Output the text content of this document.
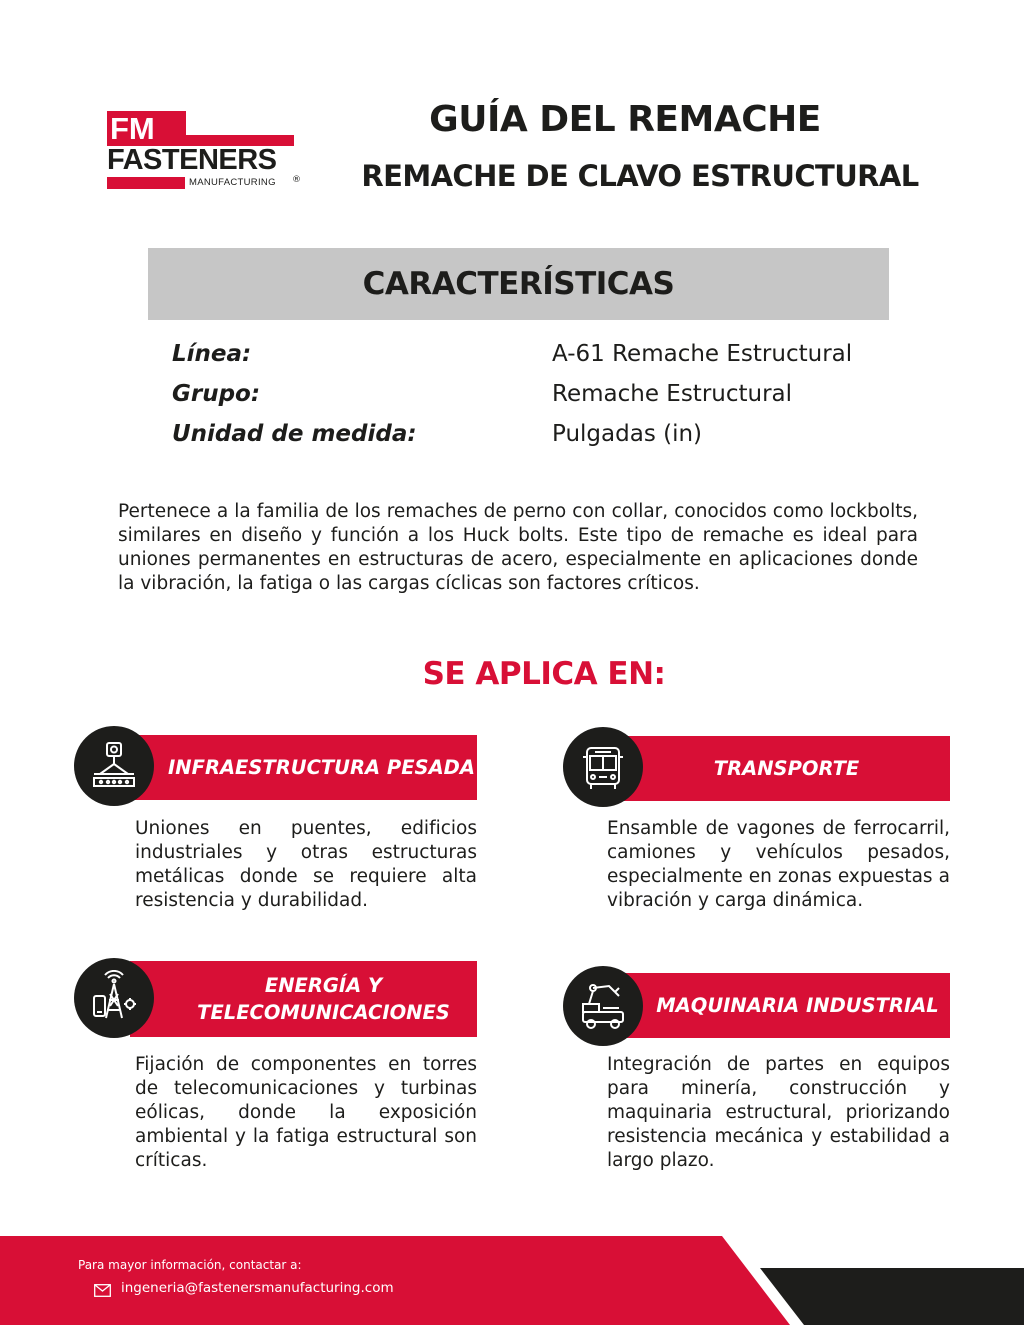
FM
FASTENERS
MANUFACTURING ®
GUÍA DEL REMACHE
REMACHE DE CLAVO ESTRUCTURAL
CARACTERÍSTICAS
Línea:	A-61 Remache Estructural
Grupo:	Remache Estructural
Unidad de medida:	Pulgadas (in)
Pertenece a la familia de los remaches de perno con collar, conocidos como lockbolts, similares en diseño y función a los Huck bolts. Este tipo de remache es ideal para uniones permanentes en estructuras de acero, especialmente en aplicaciones donde la vibración, la fatiga o las cargas cíclicas son factores críticos.
SE APLICA EN:
INFRAESTRUCTURA PESADA
Uniones en puentes, edificios industriales y otras estructuras metálicas donde se requiere alta resistencia y durabilidad.
TRANSPORTE
Ensamble de vagones de ferrocarril, camiones y vehículos pesados, especialmente en zonas expuestas a vibración y carga dinámica.
ENERGÍA Y TELECOMUNICACIONES
Fijación de componentes en torres de telecomunicaciones y turbinas eólicas, donde la exposición ambiental y la fatiga estructural son críticas.
MAQUINARIA INDUSTRIAL
Integración de partes en equipos para minería, construcción y maquinaria estructural, priorizando resistencia mecánica y estabilidad a largo plazo.
Para mayor información, contactar a:
ingeneria@fastenersmanufacturing.com
